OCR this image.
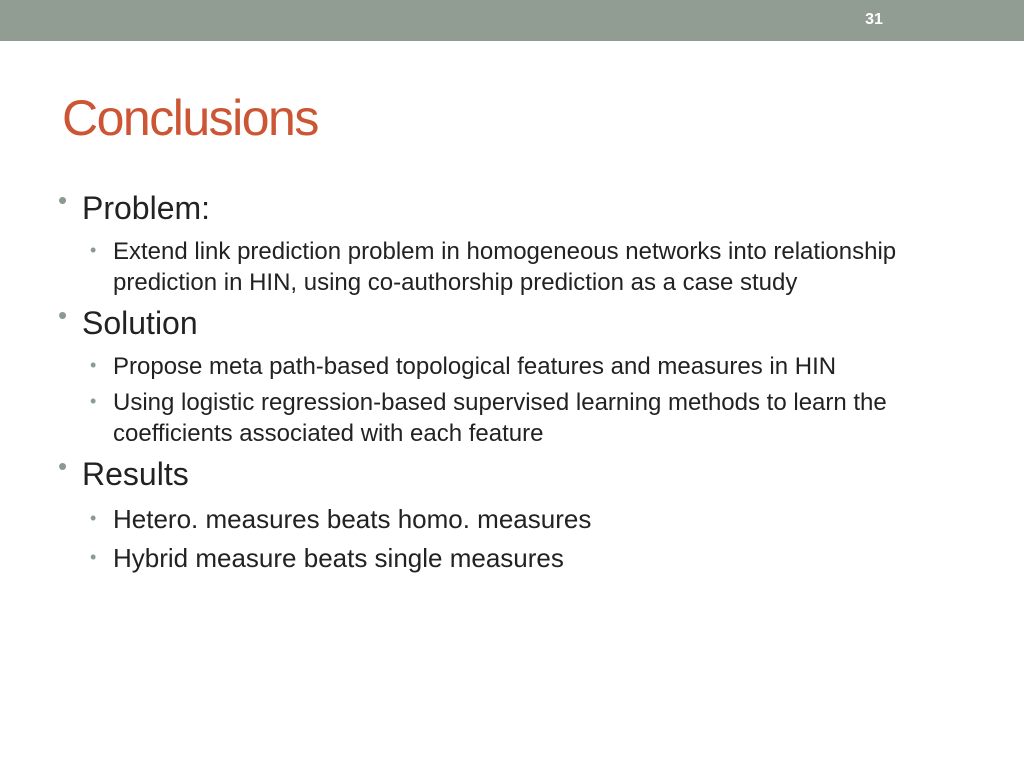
31
Conclusions
• Problem:
• Extend link prediction problem in homogeneous networks into relationship prediction in HIN, using co-authorship prediction as a case study
• Solution
• Propose meta path-based topological features and measures in HIN
• Using logistic regression-based supervised learning methods to learn the coefficients associated with each feature
• Results
• Hetero. measures beats homo. measures
• Hybrid measure beats single measures
